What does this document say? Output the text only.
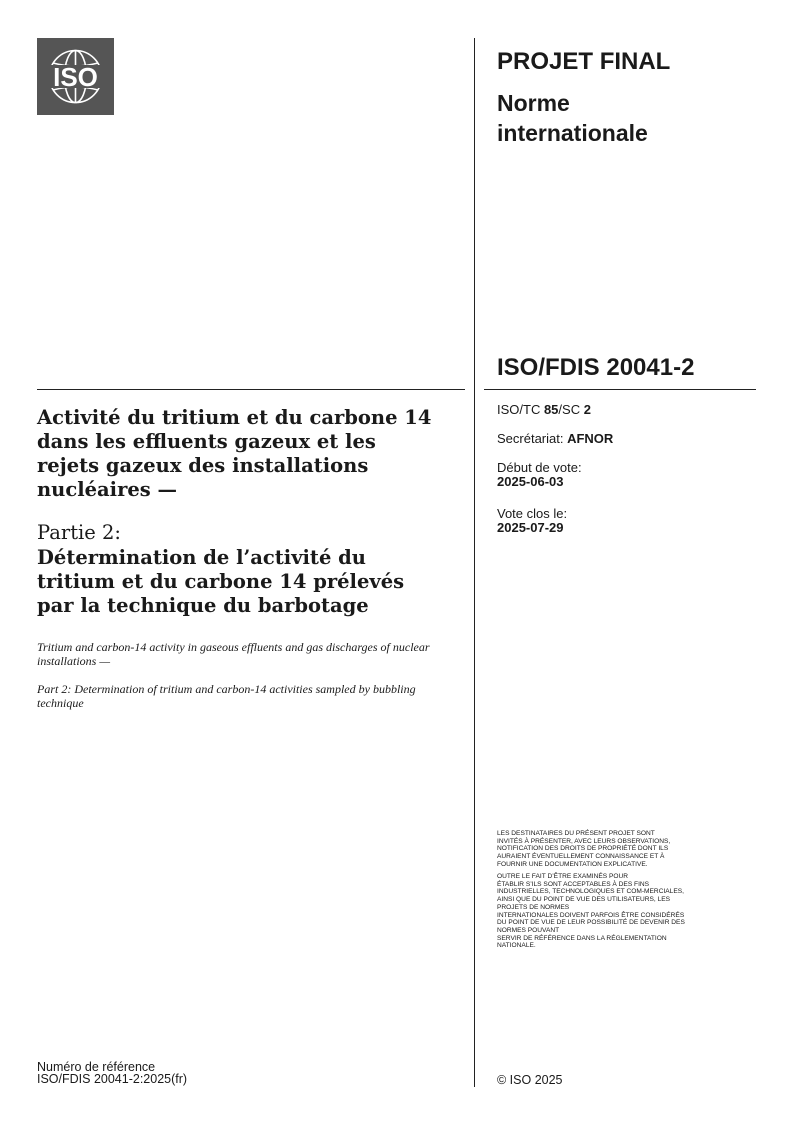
ISO
PROJET FINAL
Norme
internationale
ISO/FDIS 20041-2
ISO/TC 85/SC 2
Secrétariat: AFNOR
Début de vote:
2025-06-03
Vote clos le:
2025-07-29
Activité du tritium et du carbone 14 dans les effluents gazeux et les rejets gazeux des installations nucléaires —
Partie 2:
Détermination de l’activité du tritium et du carbone 14 prélevés par la technique du barbotage
Tritium and carbon-14 activity in gaseous effluents and gas discharges of nuclear installations —
Part 2: Determination of tritium and carbon-14 activities sampled by bubbling technique
LES DESTINATAIRES DU PRÉSENT PROJET SONT
INVITÉS À PRÉSENTER, AVEC LEURS OBSERVATIONS,
NOTIFICATION DES DROITS DE PROPRIÉTÉ DONT ILS
AURAIENT ÉVENTUELLEMENT CONNAISSANCE ET À
FOURNIR UNE DOCUMENTATION EXPLICATIVE.
OUTRE LE FAIT D’ÊTRE EXAMINÉS POUR
ÉTABLIR S’ILS SONT ACCEPTABLES À DES FINS
INDUSTRIELLES, TECHNOLOGIQUES ET COM-MERCIALES,
AINSI QUE DU POINT DE VUE DES UTILISATEURS, LES
PROJETS DE NORMES
INTERNATIONALES DOIVENT PARFOIS ÊTRE CONSIDÉRÉS
DU POINT DE VUE DE LEUR POSSIBILITÉ DE DEVENIR DES
NORMES POUVANT
SERVIR DE RÉFÉRENCE DANS LA RÉGLEMENTATION
NATIONALE.
Numéro de référence
ISO/FDIS 20041-2:2025(fr)	© ISO 2025
